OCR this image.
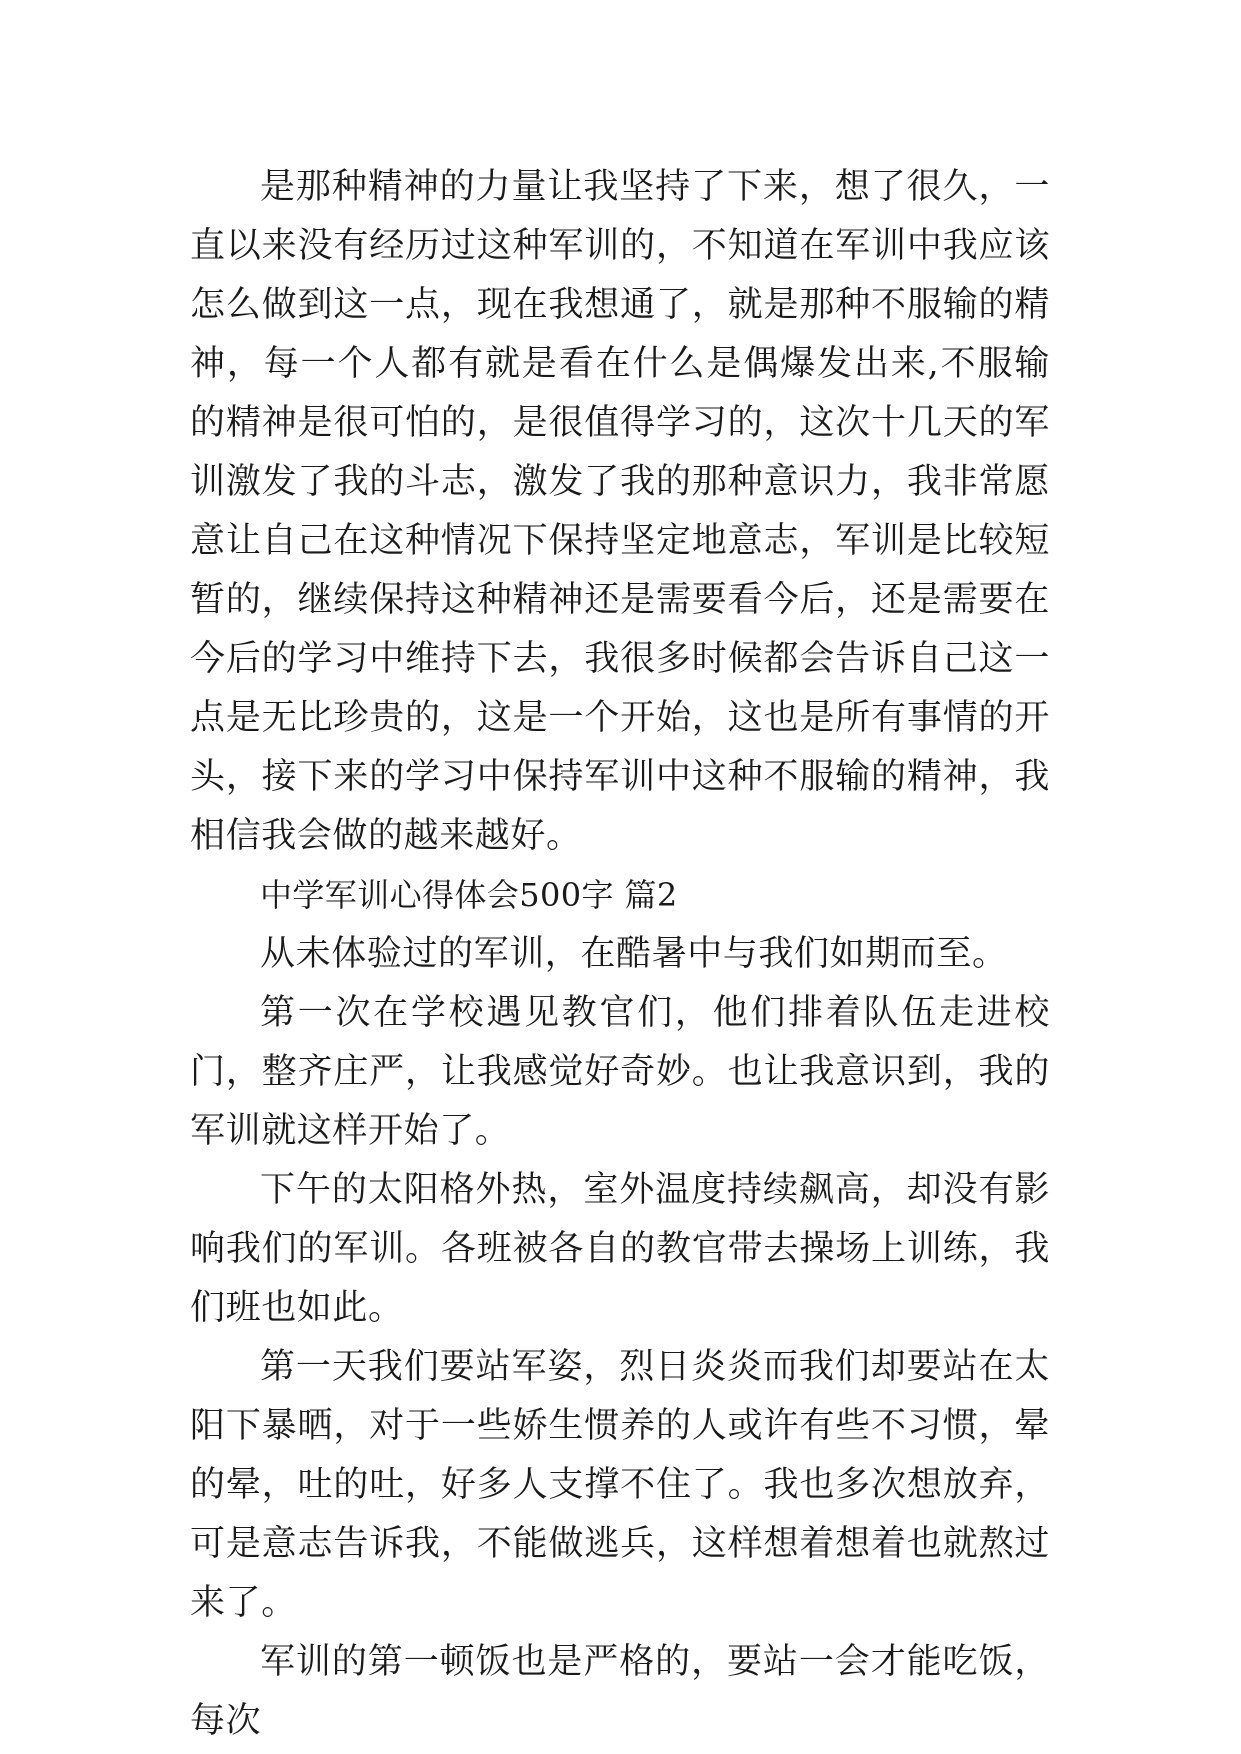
是那种精神的力量让我坚持了下来，想了很久，一直以来没有经历过这种军训的，不知道在军训中我应该怎么做到这一点，现在我想通了，就是那种不服输的精神，每一个人都有就是看在什么是偶爆发出来,不服输的精神是很可怕的，是很值得学习的，这次十几天的军训激发了我的斗志，激发了我的那种意识力，我非常愿意让自己在这种情况下保持坚定地意志，军训是比较短暂的，继续保持这种精神还是需要看今后，还是需要在今后的学习中维持下去，我很多时候都会告诉自己这一点是无比珍贵的，这是一个开始，这也是所有事情的开头，接下来的学习中保持军训中这种不服输的精神，我相信我会做的越来越好。

中学军训心得体会500字 篇2

从未体验过的军训，在酷暑中与我们如期而至。

第一次在学校遇见教官们，他们排着队伍走进校门，整齐庄严，让我感觉好奇妙。也让我意识到，我的军训就这样开始了。

下午的太阳格外热，室外温度持续飙高，却没有影响我们的军训。各班被各自的教官带去操场上训练，我们班也如此。

第一天我们要站军姿，烈日炎炎而我们却要站在太阳下暴晒，对于一些娇生惯养的人或许有些不习惯，晕的晕，吐的吐，好多人支撑不住了。我也多次想放弃，可是意志告诉我，不能做逃兵，这样想着想着也就熬过来了。

军训的第一顿饭也是严格的，要站一会才能吃饭，每次
